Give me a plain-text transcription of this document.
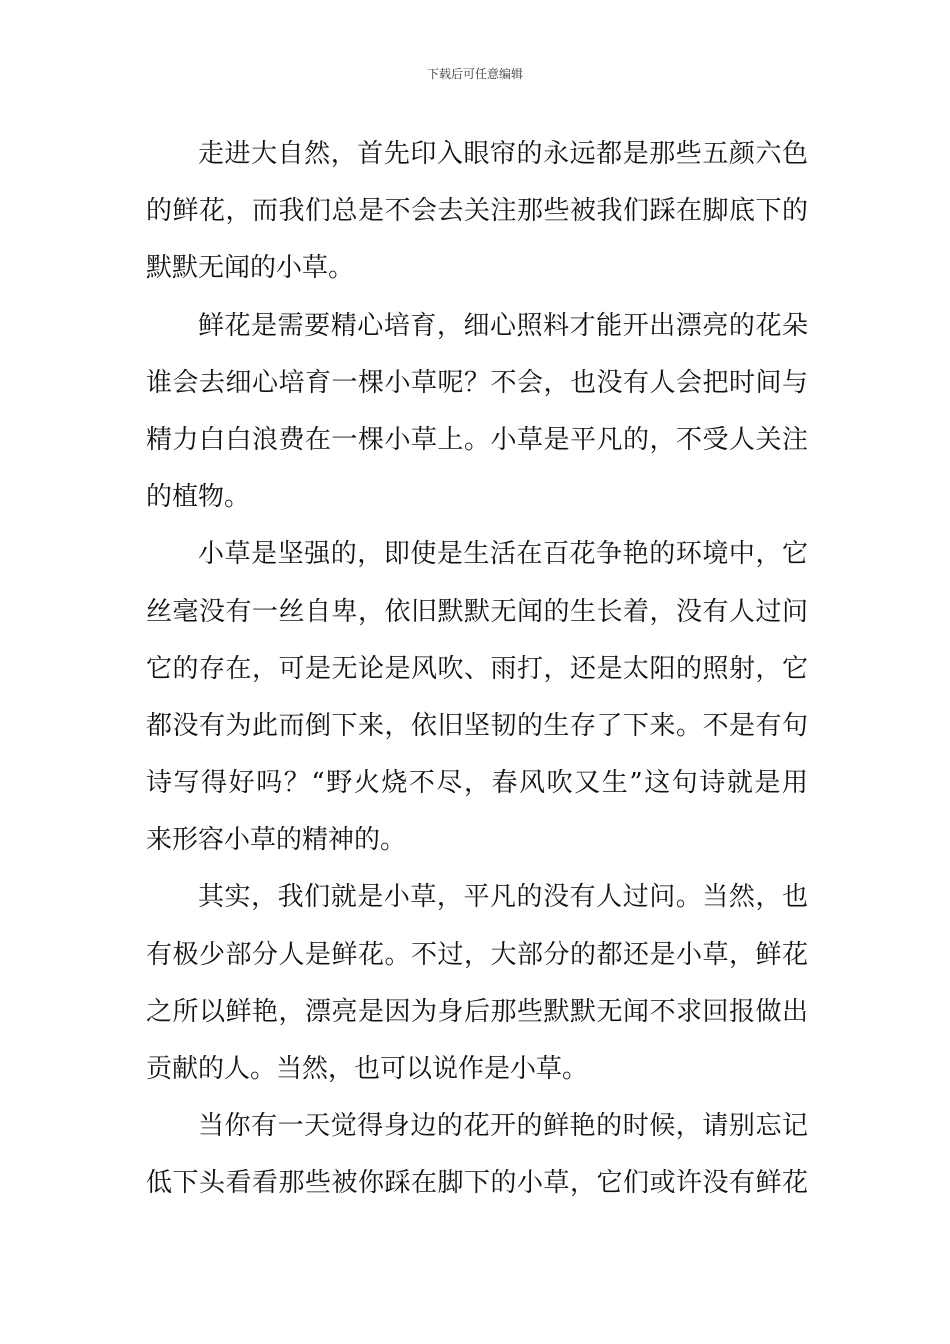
下载后可任意编辑
走进大自然，首先印入眼帘的永远都是那些五颜六色
的鲜花，而我们总是不会去关注那些被我们踩在脚底下的
默默无闻的小草。
鲜花是需要精心培育，细心照料才能开出漂亮的花朵
谁会去细心培育一棵小草呢？不会，也没有人会把时间与
精力白白浪费在一棵小草上。小草是平凡的，不受人关注
的植物。
小草是坚强的，即使是生活在百花争艳的环境中，它
丝毫没有一丝自卑，依旧默默无闻的生长着，没有人过问
它的存在，可是无论是风吹、雨打，还是太阳的照射，它
都没有为此而倒下来，依旧坚韧的生存了下来。不是有句
诗写得好吗？“野火烧不尽，春风吹又生”这句诗就是用
来形容小草的精神的。
其实，我们就是小草，平凡的没有人过问。当然，也
有极少部分人是鲜花。不过，大部分的都还是小草，鲜花
之所以鲜艳，漂亮是因为身后那些默默无闻不求回报做出
贡献的人。当然，也可以说作是小草。
当你有一天觉得身边的花开的鲜艳的时候，请别忘记
低下头看看那些被你踩在脚下的小草，它们或许没有鲜花
